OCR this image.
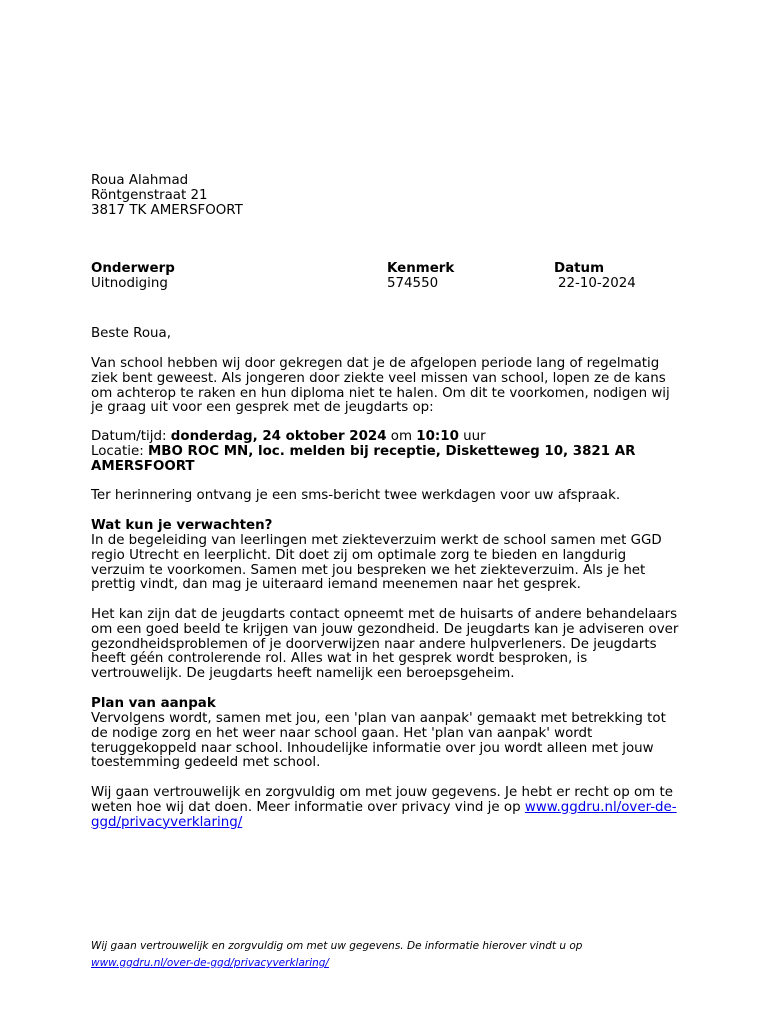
Roua Alahmad
Röntgenstraat 21
3817 TK AMERSFOORT
Onderwerp
Uitnodiging
Kenmerk
574550
Datum
22-10-2024
Beste Roua,

Van school hebben wij door gekregen dat je de afgelopen periode lang of regelmatig ziek bent geweest. Als jongeren door ziekte veel missen van school, lopen ze de kans om achterop te raken en hun diploma niet te halen. Om dit te voorkomen, nodigen wij je graag uit voor een gesprek met de jeugdarts op:

Datum/tijd: donderdag, 24 oktober 2024 om 10:10 uur
Locatie: MBO ROC MN, loc. melden bij receptie, Disketteweg 10, 3821 AR
AMERSFOORT
Ter herinnering ontvang je een sms-bericht twee werkdagen voor uw afspraak.
Wat kun je verwachten?

In de begeleiding van leerlingen met ziekteverzuim werkt de school samen met GGD regio Utrecht en leerplicht. Dit doet zij om optimale zorg te bieden en langdurig verzuim te voorkomen. Samen met jou bespreken we het ziekteverzuim. Als je het prettig vindt, dan mag je uiteraard iemand meenemen naar het gesprek.

Het kan zijn dat de jeugdarts contact opneemt met de huisarts of andere behandelaars om een goed beeld te krijgen van jouw gezondheid. De jeugdarts kan je adviseren over gezondheidsproblemen of je doorverwijzen naar andere hulpverleners. De jeugdarts heeft géén controlerende rol. Alles wat in het gesprek wordt besproken, is vertrouwelijk. De jeugdarts heeft namelijk een beroepsgeheim.

Plan van aanpak

Vervolgens wordt, samen met jou, een 'plan van aanpak' gemaakt met betrekking tot de nodige zorg en het weer naar school gaan. Het 'plan van aanpak' wordt teruggekoppeld naar school. Inhoudelijke informatie over jou wordt alleen met jouw toestemming gedeeld met school.

Wij gaan vertrouwelijk en zorgvuldig om met jouw gegevens. Je hebt er recht op om te weten hoe wij dat doen. Meer informatie over privacy vind je op www.ggdru.nl/over-de-ggd/privacyverklaring/

Wij gaan vertrouwelijk en zorgvuldig om met uw gegevens. De informatie hierover vindt u op
www.ggdru.nl/over-de-ggd/privacyverklaring/
